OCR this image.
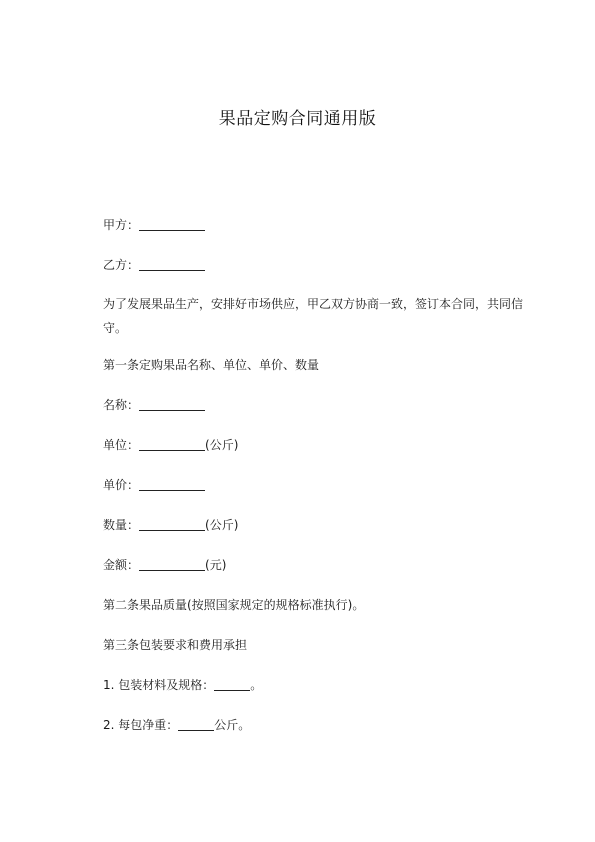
果品定购合同通用版
甲方：
乙方：
为了发展果品生产，安排好市场供应，甲乙双方协商一致，签订本合同，共同信守。
第一条定购果品名称、单位、单价、数量
名称：
单位：	(公斤)
单价：
数量：	(公斤)
金额：	(元)
第二条果品质量(按照国家规定的规格标准执行)。
第三条包装要求和费用承担
1. 包装材料及规格：	。
2. 每包净重：	公斤。
